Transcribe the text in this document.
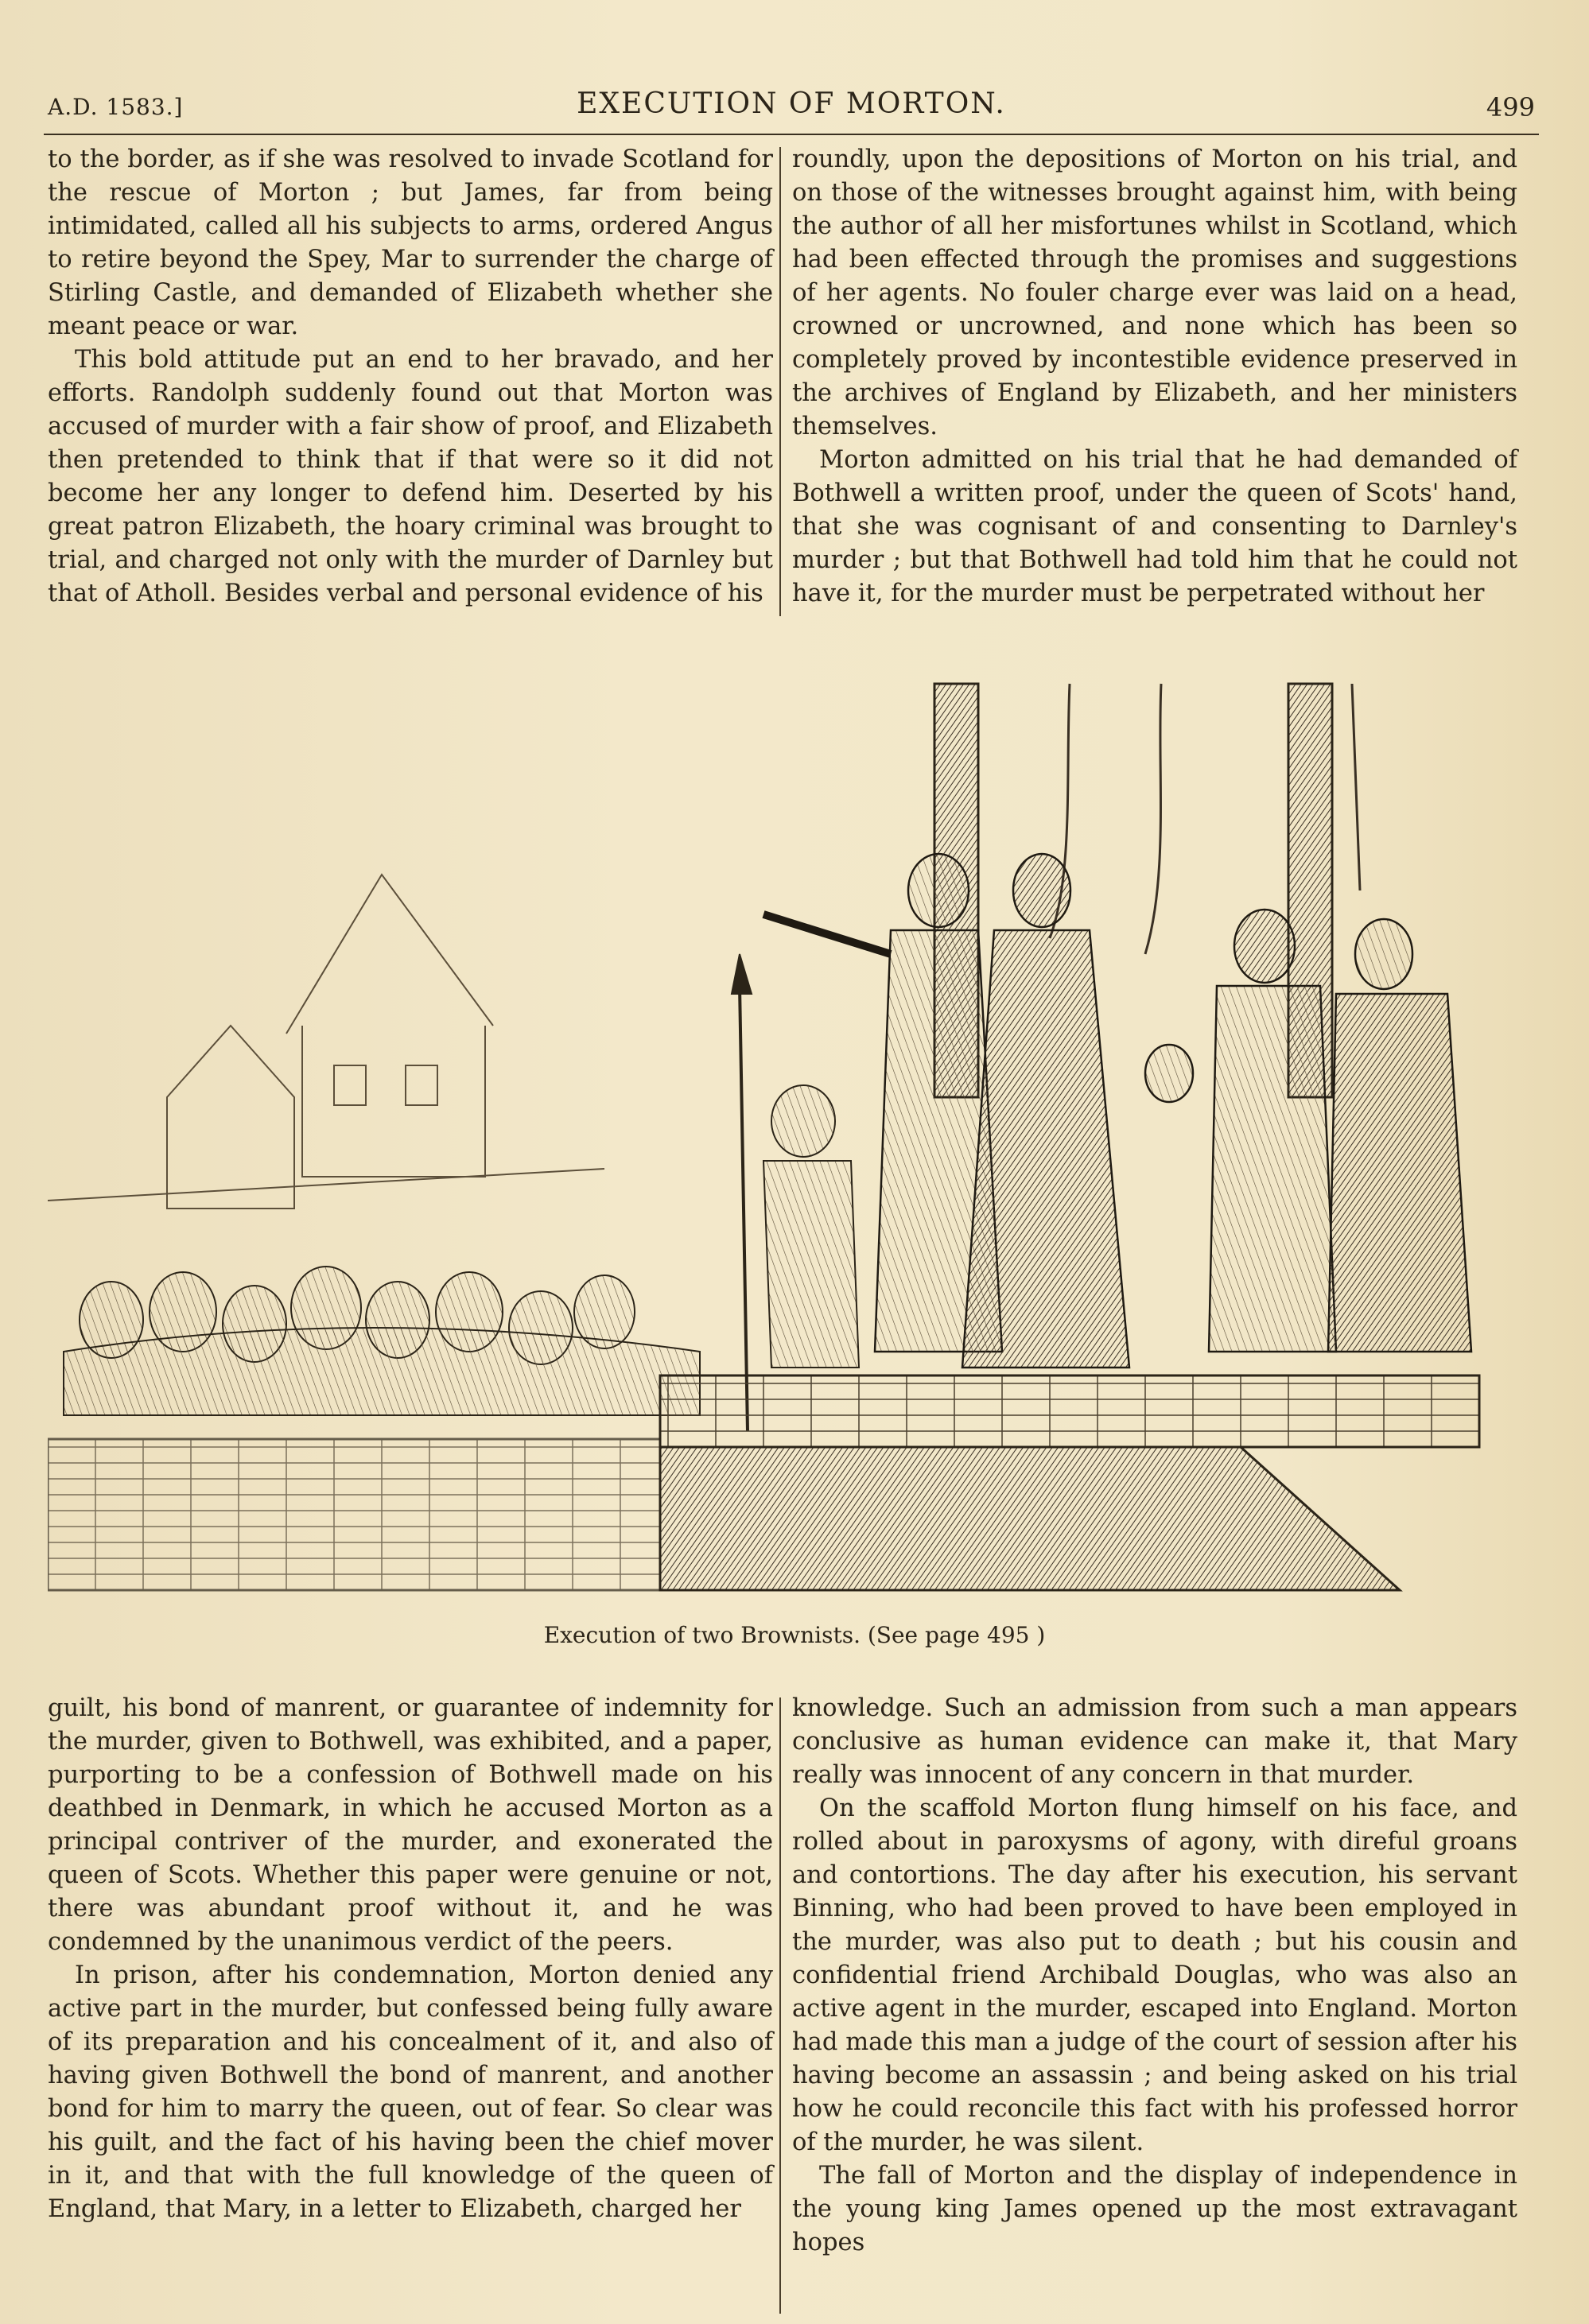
A.D. 1583.]	EXECUTION OF MORTON.	499

to the border, as if she was resolved to invade Scotland for the rescue of Morton ; but James, far from being intimidated, called all his subjects to arms, ordered Angus to retire beyond the Spey, Mar to surrender the charge of Stirling Castle, and demanded of Elizabeth whether she meant peace or war.

This bold attitude put an end to her bravado, and her efforts. Randolph suddenly found out that Morton was accused of murder with a fair show of proof, and Elizabeth then pretended to think that if that were so it did not become her any longer to defend him. Deserted by his great patron Elizabeth, the hoary criminal was brought to trial, and charged not only with the murder of Darnley but that of Atholl. Besides verbal and personal evidence of his

roundly, upon the depositions of Morton on his trial, and on those of the witnesses brought against him, with being the author of all her misfortunes whilst in Scotland, which had been effected through the promises and suggestions of her agents. No fouler charge ever was laid on a head, crowned or uncrowned, and none which has been so completely proved by incontestible evidence preserved in the archives of England by Elizabeth, and her ministers themselves.

Morton admitted on his trial that he had demanded of Bothwell a written proof, under the queen of Scots' hand, that she was cognisant of and consenting to Darnley's murder ; but that Bothwell had told him that he could not have it, for the murder must be perpetrated without her

Execution of two Brownists. (See page 495 )

guilt, his bond of manrent, or guarantee of indemnity for the murder, given to Bothwell, was exhibited, and a paper, purporting to be a confession of Bothwell made on his deathbed in Denmark, in which he accused Morton as a principal contriver of the murder, and exonerated the queen of Scots. Whether this paper were genuine or not, there was abundant proof without it, and he was condemned by the unanimous verdict of the peers.

In prison, after his condemnation, Morton denied any active part in the murder, but confessed being fully aware of its preparation and his concealment of it, and also of having given Bothwell the bond of manrent, and another bond for him to marry the queen, out of fear. So clear was his guilt, and the fact of his having been the chief mover in it, and that with the full knowledge of the queen of England, that Mary, in a letter to Elizabeth, charged her

knowledge. Such an admission from such a man appears conclusive as human evidence can make it, that Mary really was innocent of any concern in that murder.

On the scaffold Morton flung himself on his face, and rolled about in paroxysms of agony, with direful groans and contortions. The day after his execution, his servant Binning, who had been proved to have been employed in the murder, was also put to death ; but his cousin and confidential friend Archibald Douglas, who was also an active agent in the murder, escaped into England. Morton had made this man a judge of the court of session after his having become an assassin ; and being asked on his trial how he could reconcile this fact with his professed horror of the murder, he was silent.

The fall of Morton and the display of independence in the young king James opened up the most extravagant hopes
